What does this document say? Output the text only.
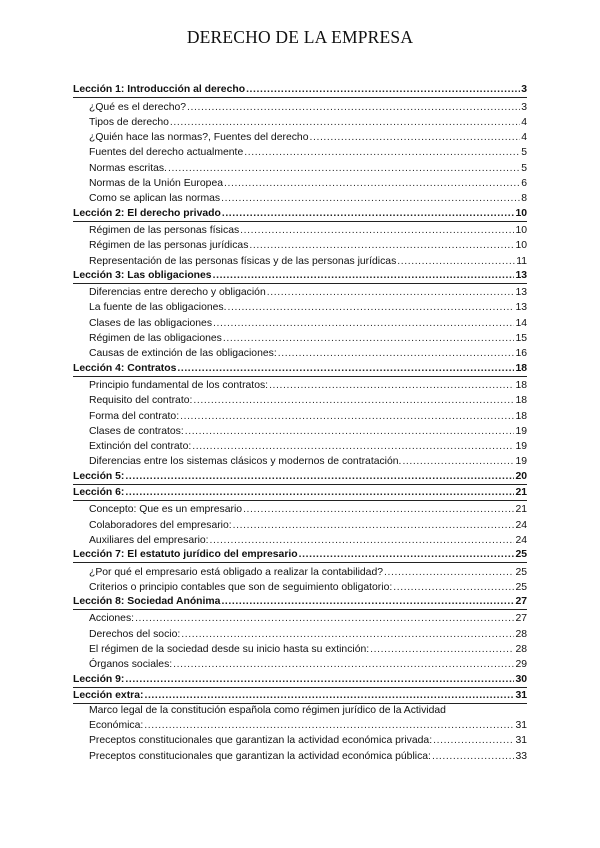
DERECHO DE LA EMPRESA
Lección 1: Introducción al derecho .....	3
¿Qué es el derecho? .....	3
Tipos de derecho .....	4
¿Quién hace las normas?, Fuentes del derecho .....	4
Fuentes del derecho actualmente .....	5
Normas escritas. .....	5
Normas de la Unión Europea .....	6
Como se aplican las normas .....	8
Lección 2: El derecho privado .....	10
Régimen de las personas físicas .....	10
Régimen de las personas jurídicas .....	10
Representación de las personas físicas y de las personas jurídicas .....	11
Lección 3: Las obligaciones .....	13
Diferencias entre derecho y obligación .....	13
La fuente de las obligaciones. .....	13
Clases de las obligaciones .....	14
Régimen de las obligaciones .....	15
Causas de extinción de las obligaciones: .....	16
Lección 4: Contratos .....	18
Principio fundamental de los contratos: .....	18
Requisito del contrato: .....	18
Forma del contrato: .....	18
Clases de contratos: .....	19
Extinción del contrato: .....	19
Diferencias entre los sistemas clásicos y modernos de contratación. .....	19
Lección 5: .....	20
Lección 6: .....	21
Concepto: Que es un empresario .....	21
Colaboradores del empresario: .....	24
Auxiliares del empresario: .....	24
Lección 7: El estatuto jurídico del empresario .....	25
¿Por qué el empresario está obligado a realizar la contabilidad? .....	25
Criterios o principio contables que son de seguimiento obligatorio: .....	25
Lección 8: Sociedad Anónima .....	27
Acciones: .....	27
Derechos del socio: .....	28
El régimen de la sociedad desde su inicio hasta su extinción: .....	28
Órganos sociales: .....	29
Lección 9: .....	30
Lección extra: .....	31
Marco legal de la constitución española como régimen jurídico de la Actividad
Económica: .....	31
Preceptos constitucionales que garantizan la actividad económica privada: .....	31
Preceptos constitucionales que garantizan la actividad económica pública: .....	33
